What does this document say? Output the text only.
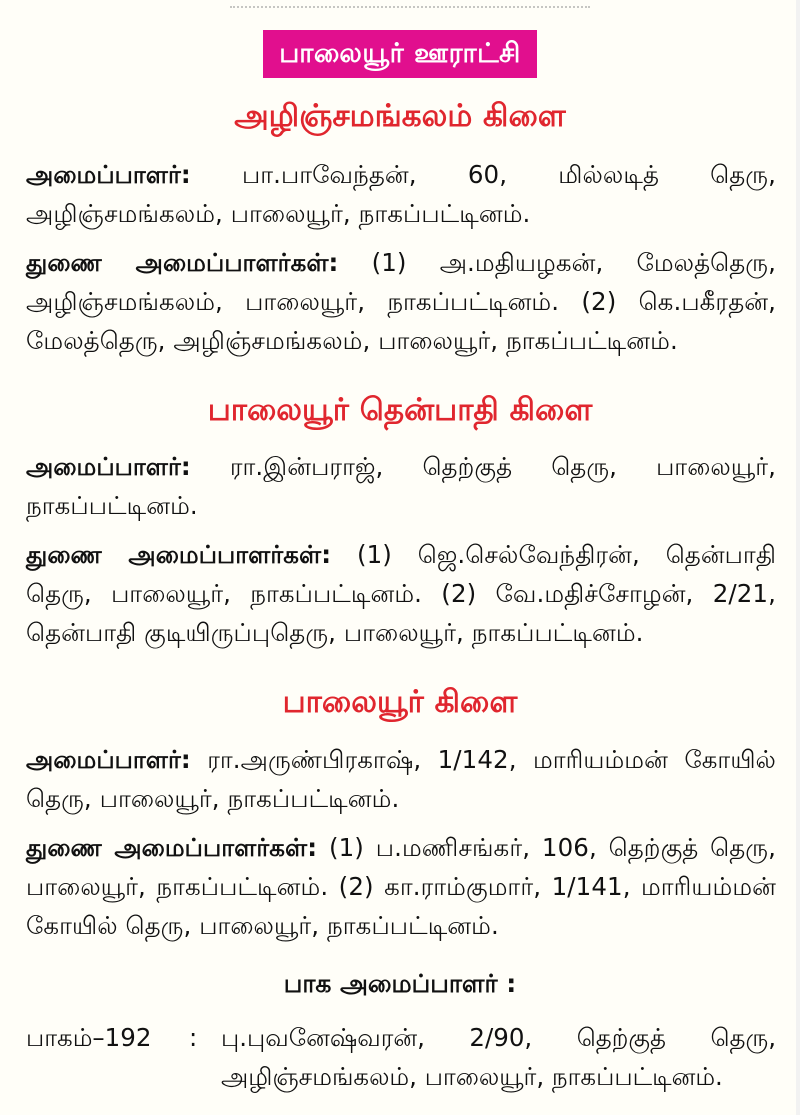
பாலையூர் ஊராட்சி
அழிஞ்சமங்கலம் கிளை
அமைப்பாளர்: பா.பாவேந்தன், 60, மில்லடித் தெரு, அழிஞ்சமங்கலம், பாலையூர், நாகப்பட்டினம்.
துணை அமைப்பாளர்கள்: (1) அ.மதியழகன், மேலத்தெரு, அழிஞ்சமங்கலம், பாலையூர், நாகப்பட்டினம். (2) கெ.பகீரதன், மேலத்தெரு, அழிஞ்சமங்கலம், பாலையூர், நாகப்பட்டினம்.
பாலையூர் தென்பாதி கிளை
அமைப்பாளர்: ரா.இன்பராஜ், தெற்குத் தெரு, பாலையூர், நாகப்பட்டினம்.
துணை அமைப்பாளர்கள்: (1) ஜெ.செல்வேந்திரன், தென்பாதி தெரு, பாலையூர், நாகப்பட்டினம். (2) வே.மதிச்சோழன், 2/21, தென்பாதி குடியிருப்புதெரு, பாலையூர், நாகப்பட்டினம்.
பாலையூர் கிளை
அமைப்பாளர்: ரா.அருண்பிரகாஷ், 1/142, மாரியம்மன் கோயில் தெரு, பாலையூர், நாகப்பட்டினம்.
துணை அமைப்பாளர்கள்: (1) ப.மணிசங்கர், 106, தெற்குத் தெரு, பாலையூர், நாகப்பட்டினம். (2) கா.ராம்குமார், 1/141, மாரியம்மன் கோயில் தெரு, பாலையூர், நாகப்பட்டினம்.
பாக அமைப்பாளர் :
பாகம்–192 : பு.புவனேஷ்வரன், 2/90, தெற்குத் தெரு, அழிஞ்சமங்கலம், பாலையூர், நாகப்பட்டினம்.
